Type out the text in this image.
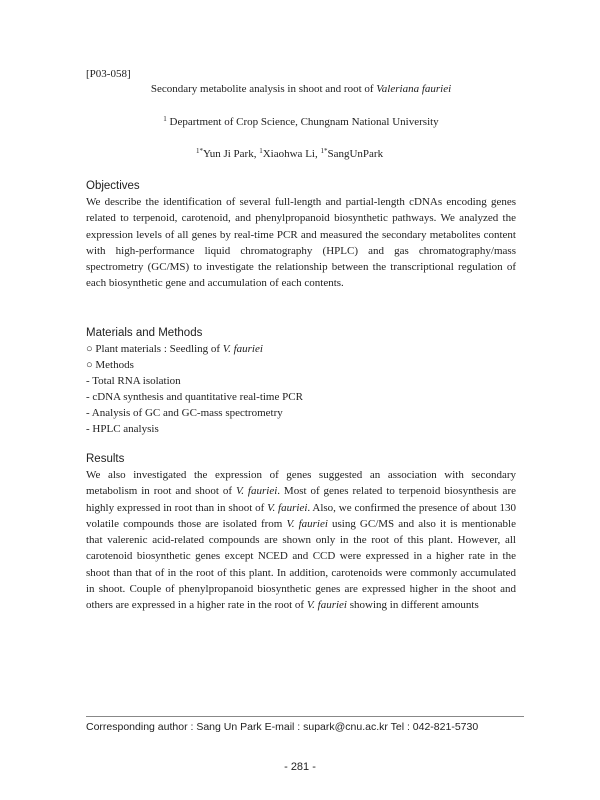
[P03-058]
Secondary metabolite analysis in shoot and root of Valeriana fauriei
$^1$ Department of Crop Science, Chungnam National University
$^{1*}$Yun Ji Park, $^1$Xiaohwa Li, $^{1*}$SangUnPark
Objectives
We describe the identification of several full-length and partial-length cDNAs encoding genes related to terpenoid, carotenoid, and phenylpropanoid biosynthetic pathways. We analyzed the expression levels of all genes by real-time PCR and measured the secondary metabolites content with high-performance liquid chromatography (HPLC) and gas chromatography/mass spectrometry (GC/MS) to investigate the relationship between the transcriptional regulation of each biosynthetic gene and accumulation of each contents.
Materials and Methods
○ Plant materials : Seedling of V. fauriei
○ Methods
- Total RNA isolation
- cDNA synthesis and quantitative real-time PCR
- Analysis of GC and GC-mass spectrometry
- HPLC analysis
Results
We also investigated the expression of genes suggested an association with secondary metabolism in root and shoot of V. fauriei. Most of genes related to terpenoid biosynthesis are highly expressed in root than in shoot of V. fauriei. Also, we confirmed the presence of about 130 volatile compounds those are isolated from V. fauriei using GC/MS and also it is mentionable that valerenic acid-related compounds are shown only in the root of this plant. However, all carotenoid biosynthetic genes except NCED and CCD were expressed in a higher rate in the shoot than that of in the root of this plant. In addition, carotenoids were commonly accumulated in shoot. Couple of phenylpropanoid biosynthetic genes are expressed higher in the shoot and others are expressed in a higher rate in the root of V. fauriei showing in different amounts
Corresponding author : Sang Un Park E-mail : supark@cnu.ac.kr Tel : 042-821-5730
- 281 -
